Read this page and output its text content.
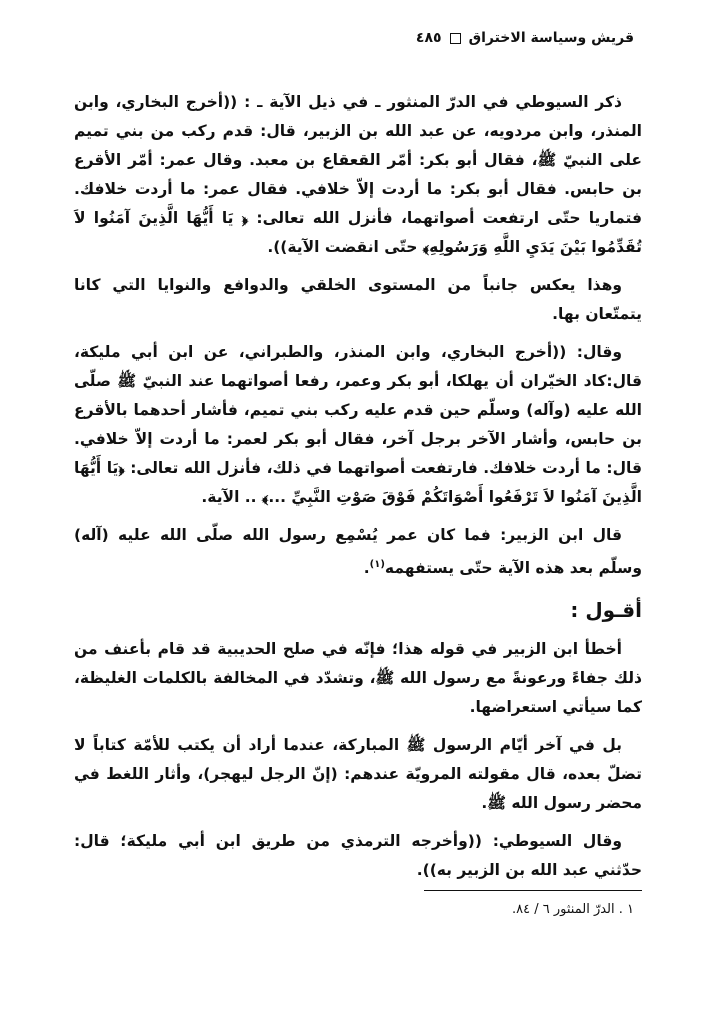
قريش وسياسة الاختراق
٤٨٥

ذكر السيوطي في الدرّ المنثور ـ في ذيل الآية ـ : ((أخرج البخاري، وابن المنذر، وابن مردويه، عن عبد الله بن الزبير، قال: قدم ركب من بني تميم على النبيّ ﷺ، فقال أبو بكر: أمّر القعقاع بن معبد. وقال عمر: أمّر الأقرع بن حابس. فقال أبو بكر: ما أردت إلاّ خلافي. فقال عمر: ما أردت خلافك. فتماريا حتّى ارتفعت أصواتهما، فأنزل الله تعالى: ﴿ يَا أَيُّهَا الَّذِينَ آمَنُوا لاَ تُقَدِّمُوا بَيْنَ يَدَيِ اللَّهِ وَرَسُولِهِ﴾ حتّى انقضت الآية)).

وهذا يعكس جانباً من المستوى الخلقي والدوافع والنوايا التي كانا يتمتّعان بها.

وقال: ((أخرج البخاري، وابن المنذر، والطبراني، عن ابن أبي مليكة، قال:كاد الخيّران أن يهلكا، أبو بكر وعمر، رفعا أصواتهما عند النبيّ ﷺ صلّى الله عليه (وآله) وسلّم حين قدم عليه ركب بني تميم، فأشار أحدهما بالأقرع بن حابس، وأشار الآخر برجل آخر، فقال أبو بكر لعمر: ما أردت إلاّ خلافي. قال: ما أردت خلافك. فارتفعت أصواتهما في ذلك، فأنزل الله تعالى: ﴿يَا أَيُّهَا الَّذِينَ آمَنُوا لاَ تَرْفَعُوا أَصْوَاتَكُمْ فَوْقَ صَوْتِ النَّبِيِّ ...﴾ .. الآية.

قال ابن الزبير: فما كان عمر يُسْمِع رسول الله صلّى الله عليه (آله) وسلّم بعد هذه الآية حتّى يستفهمه$^{(١)}$.

أقـول :

أخطأ ابن الزبير في قوله هذا؛ فإنّه في صلح الحديبية قد قام بأعنف من ذلك جفاءً ورعونةً مع رسول الله ﷺ، وتشدّد في المخالفة بالكلمات الغليظة، كما سيأتي استعراضها.

بل في آخر أيّام الرسول ﷺ المباركة، عندما أراد أن يكتب للأمّة كتاباً لا تضلّ بعده، قال مقولته المرويّة عندهم: (إنّ الرجل ليهجر)، وأثار اللغط في محضر رسول الله ﷺ.

وقال السيوطي: ((وأخرجه الترمذي من طريق ابن أبي مليكة؛ قال: حدّثني عبد الله بن الزبير به)).

١ . الدرّ المنثور ٦ / ٨٤.
